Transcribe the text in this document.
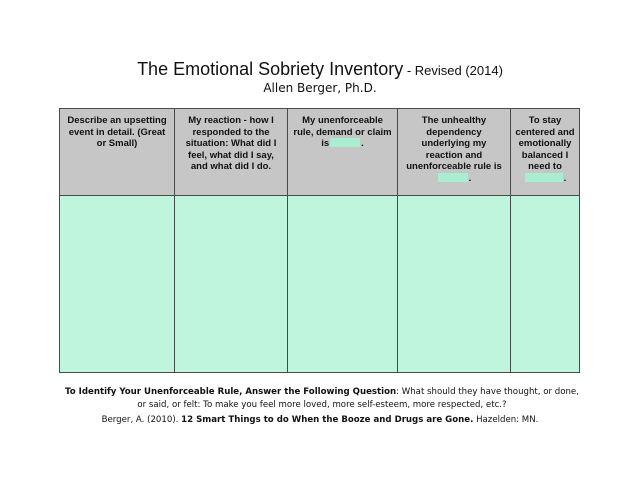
The Emotional Sobriety Inventory - Revised (2014)
Allen Berger, Ph.D.
Describe an upsetting event in detail. (Great or Small)	My reaction - how I responded to the situation: What did I feel, what did I say, and what did I do.	My unenforceable rule, demand or claim is .	The unhealthy dependency underlying my reaction and unenforceable rule is.	To stay centered and emotionally balanced I need to.

To Identify Your Unenforceable Rule, Answer the Following Question: What should they have thought, or done, or said, or felt: To make you feel more loved, more self-esteem, more respected, etc.?
Berger, A. (2010). 12 Smart Things to do When the Booze and Drugs are Gone. Hazelden: MN.
